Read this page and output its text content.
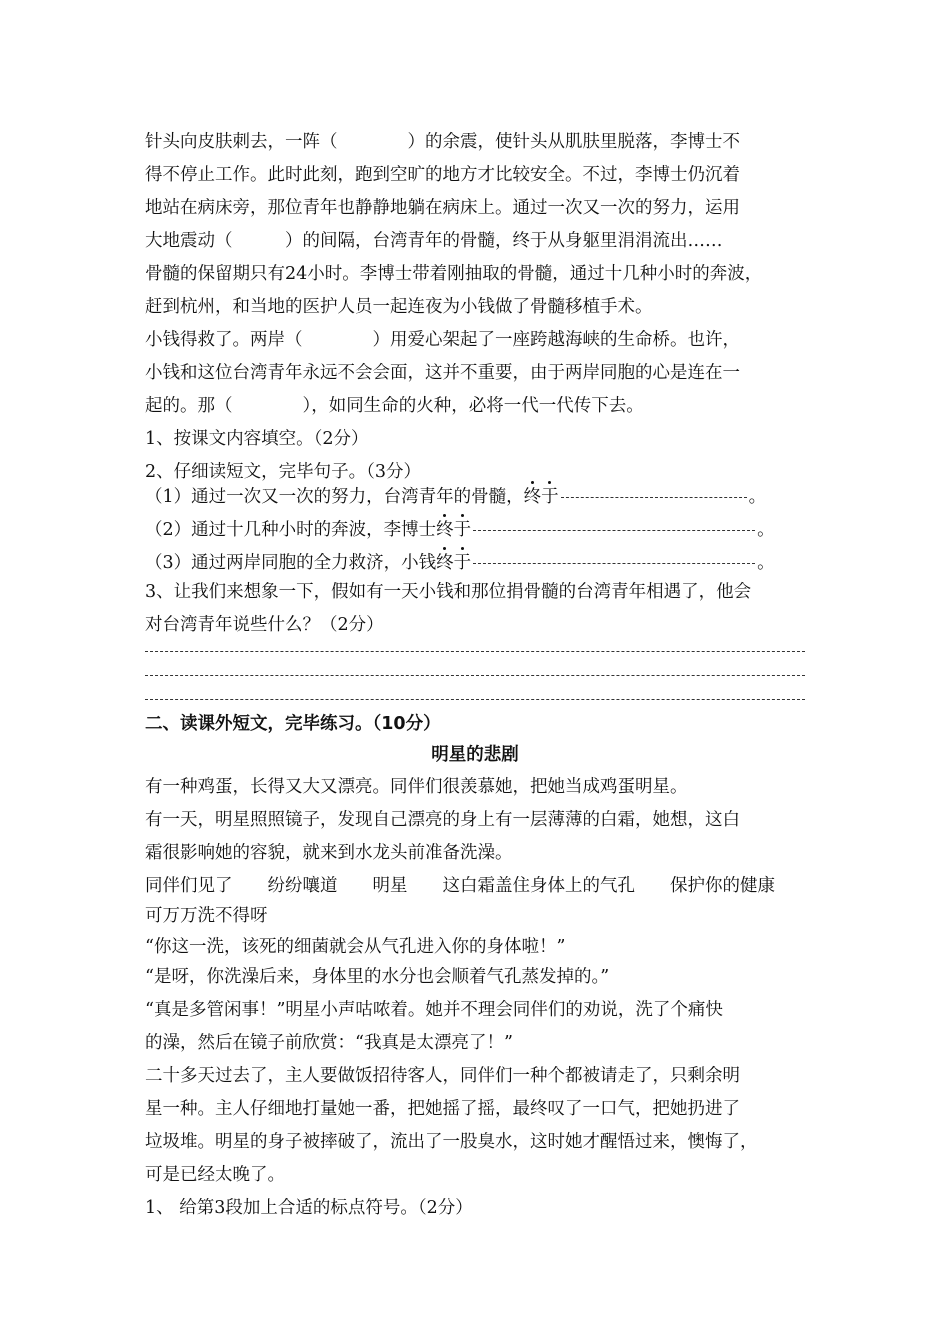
针头向皮肤刺去，一阵（　　　　）的余震，使针头从肌肤里脱落，李博士不
得不停止工作。此时此刻，跑到空旷的地方才比较安全。不过，李博士仍沉着
地站在病床旁，那位青年也静静地躺在病床上。通过一次又一次的努力，运用
大地震动（　　　）的间隔，台湾青年的骨髓，终于从身躯里涓涓流出……
骨髓的保留期只有24小时。李博士带着刚抽取的骨髓，通过十几种小时的奔波，
赶到杭州，和当地的医护人员一起连夜为小钱做了骨髓移植手术。
小钱得救了。两岸（　　　　）用爱心架起了一座跨越海峡的生命桥。也许，
小钱和这位台湾青年永远不会会面，这并不重要，由于两岸同胞的心是连在一
起的。那（　　　　），如同生命的火种，必将一代一代传下去。
1、按课文内容填空。（2分）
2、仔细读短文，完毕句子。（3分）
（1）通过一次又一次的努力，台湾青年的骨髓，终于	。
（2）通过十几种小时的奔波，李博士终于	。
（3）通过两岸同胞的全力救济，小钱终于	。
3、让我们来想象一下，假如有一天小钱和那位捐骨髓的台湾青年相遇了，他会
对台湾青年说些什么？（2分）
二、读课外短文，完毕练习。（10分）
明星的悲剧
有一种鸡蛋，长得又大又漂亮。同伴们很羡慕她，把她当成鸡蛋明星。
有一天，明星照照镜子，发现自己漂亮的身上有一层薄薄的白霜，她想，这白
霜很影响她的容貌，就来到水龙头前准备洗澡。
同伴们见了　　纷纷嚷道　　明星　　这白霜盖住身体上的气孔　　保护你的健康
可万万洗不得呀
“你这一洗，该死的细菌就会从气孔进入你的身体啦！”
“是呀，你洗澡后来，身体里的水分也会顺着气孔蒸发掉的。”
“真是多管闲事！”明星小声咕哝着。她并不理会同伴们的劝说，洗了个痛快
的澡，然后在镜子前欣赏：“我真是太漂亮了！”
二十多天过去了，主人要做饭招待客人，同伴们一种个都被请走了，只剩余明
星一种。主人仔细地打量她一番，把她摇了摇，最终叹了一口气，把她扔进了
垃圾堆。明星的身子被摔破了，流出了一股臭水，这时她才醒悟过来，懊悔了，
可是已经太晚了。
1、 给第3段加上合适的标点符号。（2分）
